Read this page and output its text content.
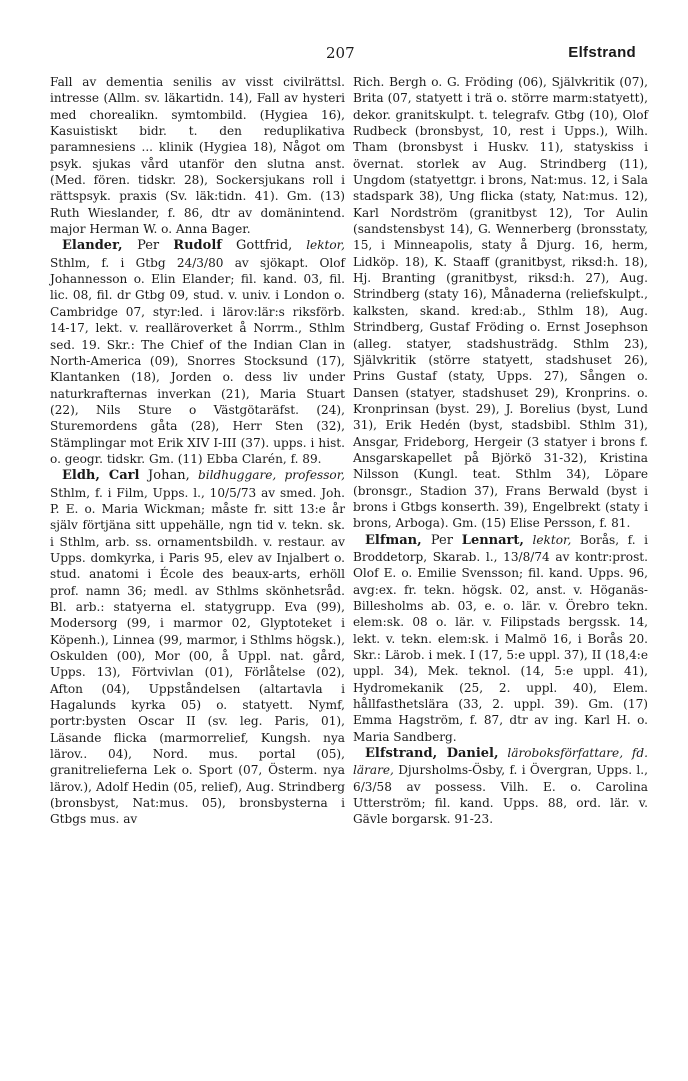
207	Elfstrand

Fall av dementia senilis av visst civilrättsl. intresse (Allm. sv. läkartidn. 14), Fall av hysteri med chorealikn. symtombild. (Hygiea 16), Kasuistiskt bidr. t. den reduplikativa paramnesiens ... klinik (Hygiea 18), Något om psyk. sjukas vård utanför den slutna anst. (Med. fören. tidskr. 28), Sockersjukans roll i rättspsyk. praxis (Sv. läk:tidn. 41). Gm. (13) Ruth Wieslander, f. 86, dtr av domänintend. major Herman W. o. Anna Bager.

Elander, Per Rudolf Gottfrid, lektor, Sthlm, f. i Gtbg 24/3/80 av sjökapt. Olof Johannesson o. Elin Elander; fil. kand. 03, fil. lic. 08, fil. dr Gtbg 09, stud. v. univ. i London o. Cambridge 07, styr:led. i lärov:lär:s riksförb. 14-17, lekt. v. realläroverket å Norrm., Sthlm sed. 19. Skr.: The Chief of the Indian Clan in North-America (09), Snorres Stocksund (17), Klantanken (18), Jorden o. dess liv under naturkrafternas inverkan (21), Maria Stuart (22), Nils Sture o Västgötaräfst. (24), Sturemordens gåta (28), Herr Sten (32), Stämplingar mot Erik XIV I-III (37). upps. i hist. o. geogr. tidskr. Gm. (11) Ebba Clarén, f. 89.

Eldh, Carl Johan, bildhuggare, professor, Sthlm, f. i Film, Upps. l., 10/5/73 av smed. Joh. P. E. o. Maria Wickman; måste fr. sitt 13:e år själv förtjäna sitt uppehälle, ngn tid v. tekn. sk. i Sthlm, arb. ss. ornamentsbildh. v. restaur. av Upps. domkyrka, i Paris 95, elev av Injalbert o. stud. anatomi i École des beaux-arts, erhöll prof. namn 36; medl. av Sthlms skönhetsråd. Bl. arb.: statyerna el. statygrupp. Eva (99), Modersorg (99, i marmor 02, Glyptoteket i Köpenh.), Linnea (99, marmor, i Sthlms högsk.), Oskulden (00), Mor (00, å Uppl. nat. gård, Upps. 13), Förtvivlan (01), Förlåtelse (02), Afton (04), Uppståndelsen (altartavla i Hagalunds kyrka 05) o. statyett. Nymf, portr:bysten Oscar II (sv. leg. Paris, 01), Läsande flicka (marmorrelief, Kungsh. nya lärov.. 04), Nord. mus. portal (05), granitrelieferna Lek o. Sport (07, Österm. nya lärov.), Adolf Hedin (05, relief), Aug. Strindberg (bronsbyst, Nat:mus. 05), bronsbysterna i Gtbgs mus. av

Rich. Bergh o. G. Fröding (06), Självkritik (07), Brita (07, statyett i trä o. större marm:statyett), dekor. granitskulpt. t. telegrafv. Gtbg (10), Olof Rudbeck (bronsbyst, 10, rest i Upps.), Wilh. Tham (bronsbyst i Huskv. 11), statyskiss i övernat. storlek av Aug. Strindberg (11), Ungdom (statyettgr. i brons, Nat:mus. 12, i Sala stadspark 38), Ung flicka (staty, Nat:mus. 12), Karl Nordström (granitbyst 12), Tor Aulin (sandstensbyst 14), G. Wennerberg (bronsstaty, 15, i Minneapolis, staty å Djurg. 16, herm, Lidköp. 18), K. Staaff (granitbyst, riksd:h. 18), Hj. Branting (granitbyst, riksd:h. 27), Aug. Strindberg (staty 16), Månaderna (reliefskulpt., kalksten, skand. kred:ab., Sthlm 18), Aug. Strindberg, Gustaf Fröding o. Ernst Josephson (alleg. statyer, stadshusträdg. Sthlm 23), Självkritik (större statyett, stadshuset 26), Prins Gustaf (staty, Upps. 27), Sången o. Dansen (statyer, stadshuset 29), Kronprins. o. Kronprinsan (byst. 29), J. Borelius (byst, Lund 31), Erik Hedén (byst, stadsbibl. Sthlm 31), Ansgar, Frideborg, Hergeir (3 statyer i brons f. Ansgarskapellet på Björkö 31-32), Kristina Nilsson (Kungl. teat. Sthlm 34), Löpare (bronsgr., Stadion 37), Frans Berwald (byst i brons i Gtbgs konserth. 39), Engelbrekt (staty i brons, Arboga). Gm. (15) Elise Persson, f. 81.

Elfman, Per Lennart, lektor, Borås, f. i Broddetorp, Skarab. l., 13/8/74 av kontr:prost. Olof E. o. Emilie Svensson; fil. kand. Upps. 96, avg:ex. fr. tekn. högsk. 02, anst. v. Höganäs-Billesholms ab. 03, e. o. lär. v. Örebro tekn. elem:sk. 08 o. lär. v. Filipstads bergssk. 14, lekt. v. tekn. elem:sk. i Malmö 16, i Borås 20. Skr.: Lärob. i mek. I (17, 5:e uppl. 37), II (18,4:e uppl. 34), Mek. teknol. (14, 5:e uppl. 41), Hydromekanik (25, 2. uppl. 40), Elem. hållfasthetslära (33, 2. uppl. 39). Gm. (17) Emma Hagström, f. 87, dtr av ing. Karl H. o. Maria Sandberg.

Elfstrand, Daniel, läroboksförfattare, fd. lärare, Djursholms-Ösby, f. i Övergran, Upps. l., 6/3/58 av possess. Vilh. E. o. Carolina Utterström; fil. kand. Upps. 88, ord. lär. v. Gävle borgarsk. 91-23.
